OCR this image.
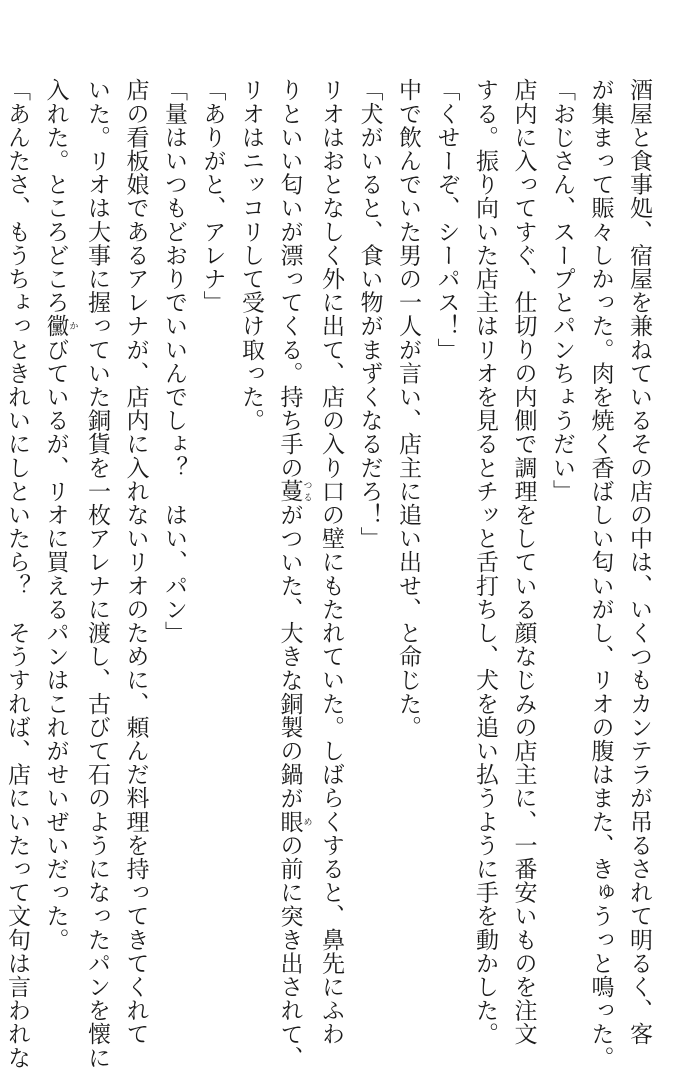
酒屋と食事処、宿屋を兼ねているその店の中は、いくつもカンテラが吊るされて明るく、客
が集まって賑々しかった。肉を焼く香ばしい匂いがし、リオの腹はまた、きゅうっと鳴った。
「おじさん、スープとパンちょうだい」
店内に入ってすぐ、仕切りの内側で調理をしている顔なじみの店主に、一番安いものを注文
する。振り向いた店主はリオを見るとチッと舌打ちし、犬を追い払うように手を動かした。
「くせーぞ、シーパス！」
中で飲んでいた男の一人が言い、店主に追い出せ、と命じた。
「犬がいると、食い物がまずくなるだろ！」
リオはおとなしく外に出て、店の入り口の壁にもたれていた。しばらくすると、鼻先にふわ
りといい匂いが漂ってくる。持ち手の蔓 つるがついた、大きな銅製の鍋が眼 めの前に突き出されて、
リオはニッコリして受け取った。
「ありがと、アレナ」
「量はいつもどおりでいいんでしょ？　はい、パン」
店の看板娘であるアレナが、店内に入れないリオのために、頼んだ料理を持ってきてくれて
いた。リオは大事に握っていた銅貨を一枚アレナに渡し、古びて石のようになったパンを懐に
入れた。ところどころ黴 かびているが、リオに買えるパンはこれがせいぜいだった。
「あんたさ、もうちょっときれいにしといたら？　そうすれば、店にいたって文句は言われな
